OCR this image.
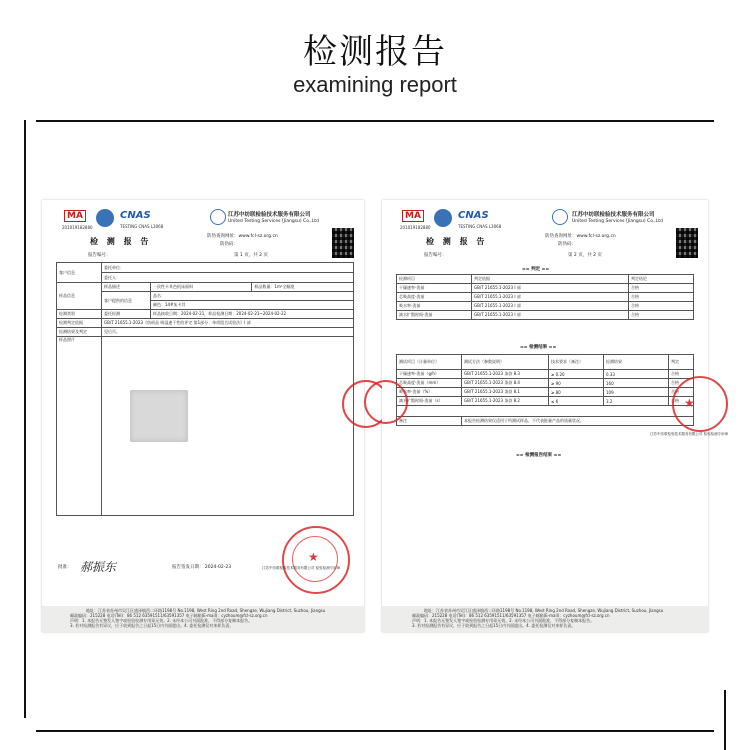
检测报告
examining report
MA
201019182880
CNAS
TESTING CNAS L3068
江苏中纺联检验技术服务有限公司
United Testing Services (Jiangsu) Co.,Ltd
检 测 报 告
防伪查询网址：www.fcl-sz.org.cn
防伪码：
报告编号：	第 1 页，共 2 页
客户信息	委托单位：		
	委托人：		
样品信息	样品描述	一次性卡其色机床面料	样品数量：1m²全幅宽
	客户提供的信息	品名：	
		颜色：14#灰卡其	
检测类别	委托检测	样品接收日期：2024-02-21，样品检测日期：2024-02-21~2024-02-22	
检测判定依据	GB/T 21655.1-2023《纺织品 吸湿速干性的评定 第1部分：单项组合试验法》I 部		
检测结果及判定	见后页。		
样品照片			
批准： 郝振东	报告签发日期： 2024-02-23
★
江苏中纺联检验技术服务有限公司 检验检测专用章
地址：江苏省苏州市吴江区盛泽镇西二环路1198号 No.1198, West Ring 2nd Road, Shengze, Wujiang District, Suzhou, Jiangsu
邮政编码：215228 电话(Tel)：86 512 63591511/63591357 电子邮箱(E-mail)：cyzhoum@fcl-sz.org.cn
声明：1. 本报告无签发人签字或检验检测专用章无效。2. 未经本公司书面批准，不得部分复制本报告。
3. 若对检测报告有异议，应于收到报告之日起15日内书面提出。4. 委托检测仅对来样负责。
MA
201019182880
CNAS
TESTING CNAS L3068
江苏中纺联检验技术服务有限公司
United Testing Services (Jiangsu) Co.,Ltd
检 测 报 告
防伪查询网址：www.fcl-sz.org.cn
防伪码：
报告编号：	第 2 页，共 2 页
== 判定 ==
检测项目	判定依据	判定结论
干燥速率-洗前	GB/T 21655.1-2023 I 部	合格
芯吸高度-洗前	GB/T 21655.1-2023 I 部	合格
吸水率-洗前	GB/T 21655.1-2023 I 部	合格
滴水扩散时间-洗前	GB/T 21655.1-2023 I 部	合格
== 检测结果 ==
测试项目（计量单位）	测试方法（参数说明）	技术要求（备注）	检测结果	判定
干燥速率-洗前（g/h）	GB/T 21655.1-2023 条款 8.3	≥ 0.20	0.33	合格
芯吸高度-洗前（mm）	GB/T 21655.1-2023 条款 8.4	≥ 90	160	合格
吸水率-洗前（%）	GB/T 21655.1-2023 条款 8.1	≥ 80	109	合格
滴水扩散时间-洗前（s）	GB/T 21655.1-2023 条款 8.2	≤ 6	3.2	合格

备注	本报告检测结果仅适用于所测试样品，不代表批量产品的质量状况。			
== 检测报告结束 ==
★
江苏中纺联检验技术服务有限公司 检验检测专用章
地址：江苏省苏州市吴江区盛泽镇西二环路1198号 No.1198, West Ring 2nd Road, Shengze, Wujiang District, Suzhou, Jiangsu
邮政编码：215228 电话(Tel)：86 512 63591511/63591357 电子邮箱(E-mail)：cyzhoum@fcl-sz.org.cn
声明：1. 本报告无签发人签字或检验检测专用章无效。2. 未经本公司书面批准，不得部分复制本报告。
3. 若对检测报告有异议，应于收到报告之日起15日内书面提出。4. 委托检测仅对来样负责。
